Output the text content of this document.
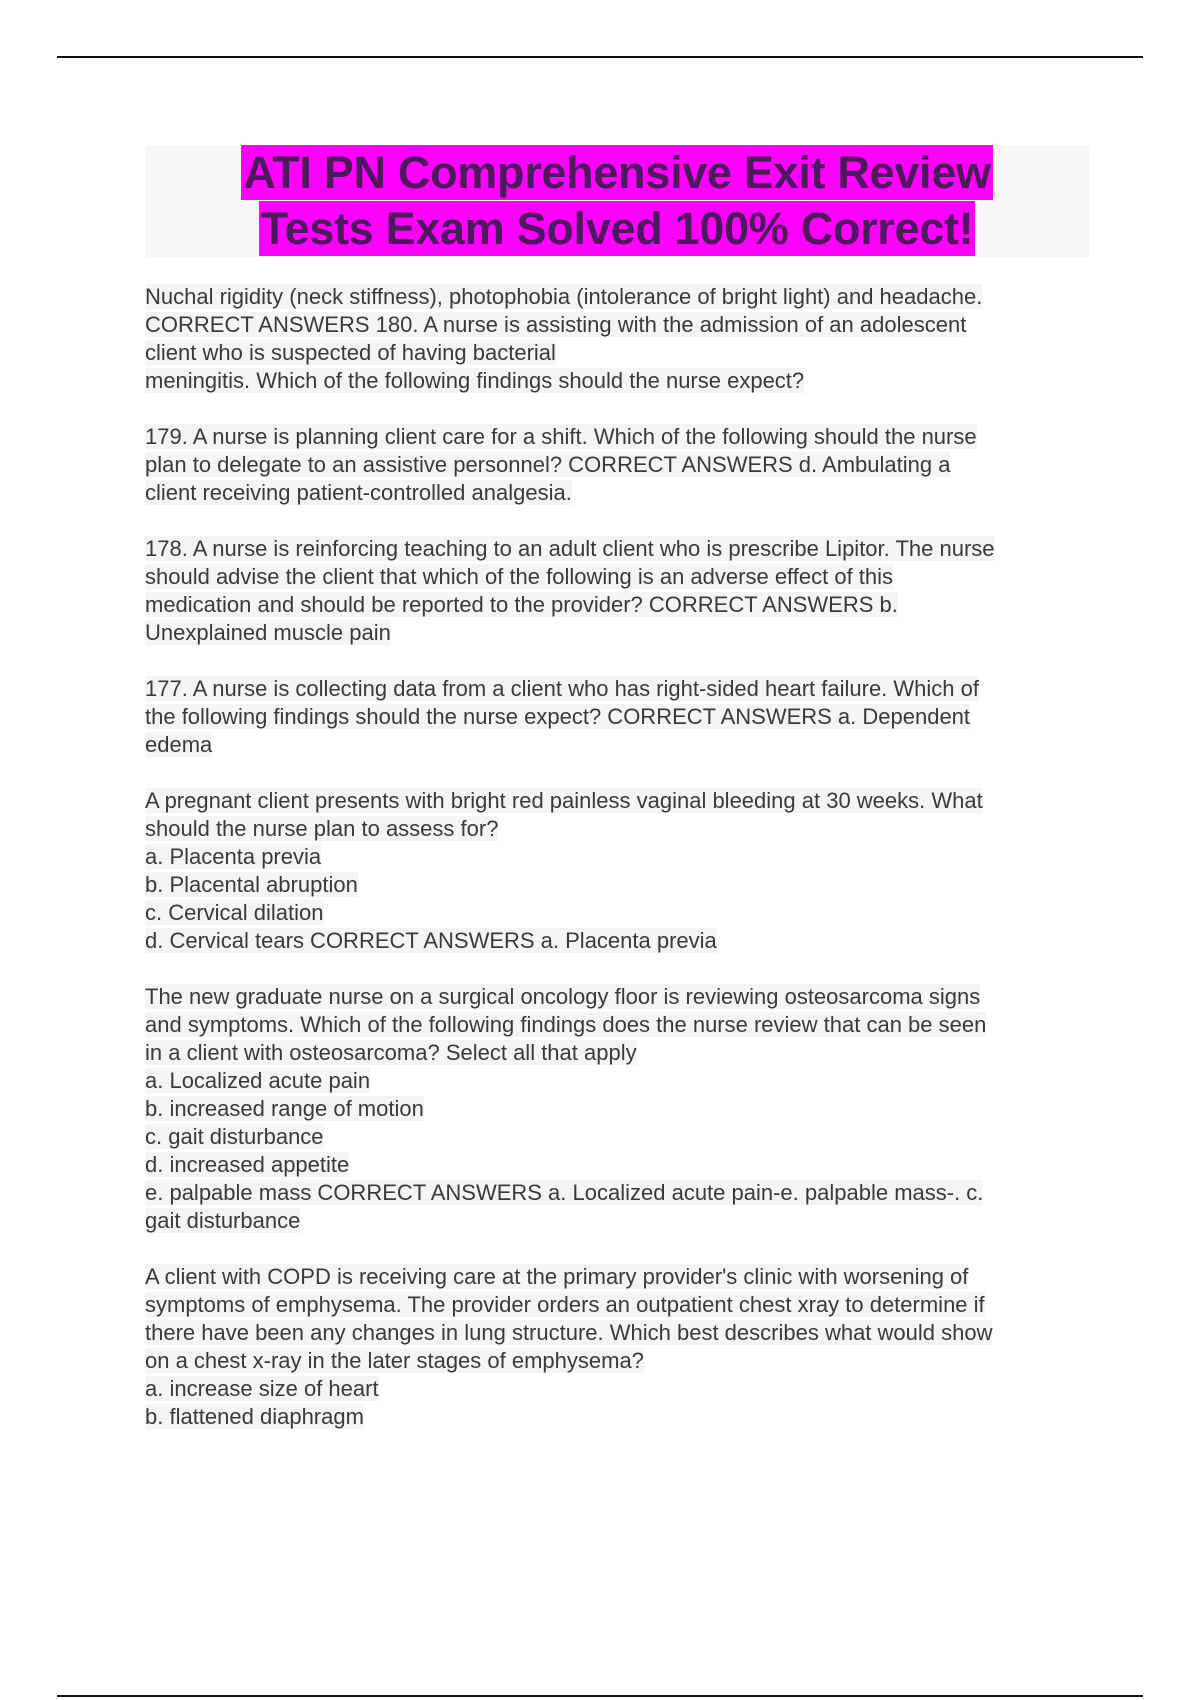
ATI PN Comprehensive Exit Review
Tests Exam Solved 100% Correct!
Nuchal rigidity (neck stiffness), photophobia (intolerance of bright light) and headache.
CORRECT ANSWERS 180. A nurse is assisting with the admission of an adolescent
client who is suspected of having bacterial
meningitis. Which of the following findings should the nurse expect?
179. A nurse is planning client care for a shift. Which of the following should the nurse
plan to delegate to an assistive personnel? CORRECT ANSWERS d. Ambulating a
client receiving patient-controlled analgesia.
178. A nurse is reinforcing teaching to an adult client who is prescribe Lipitor. The nurse
should advise the client that which of the following is an adverse effect of this
medication and should be reported to the provider? CORRECT ANSWERS b.
Unexplained muscle pain
177. A nurse is collecting data from a client who has right-sided heart failure. Which of
the following findings should the nurse expect? CORRECT ANSWERS a. Dependent
edema
A pregnant client presents with bright red painless vaginal bleeding at 30 weeks. What
should the nurse plan to assess for?
a. Placenta previa
b. Placental abruption
c. Cervical dilation
d. Cervical tears CORRECT ANSWERS a. Placenta previa
The new graduate nurse on a surgical oncology floor is reviewing osteosarcoma signs
and symptoms. Which of the following findings does the nurse review that can be seen
in a client with osteosarcoma? Select all that apply
a. Localized acute pain
b. increased range of motion
c. gait disturbance
d. increased appetite
e. palpable mass CORRECT ANSWERS a. Localized acute pain-e. palpable mass-. c.
gait disturbance
A client with COPD is receiving care at the primary provider's clinic with worsening of
symptoms of emphysema. The provider orders an outpatient chest xray to determine if
there have been any changes in lung structure. Which best describes what would show
on a chest x-ray in the later stages of emphysema?
a. increase size of heart
b. flattened diaphragm
